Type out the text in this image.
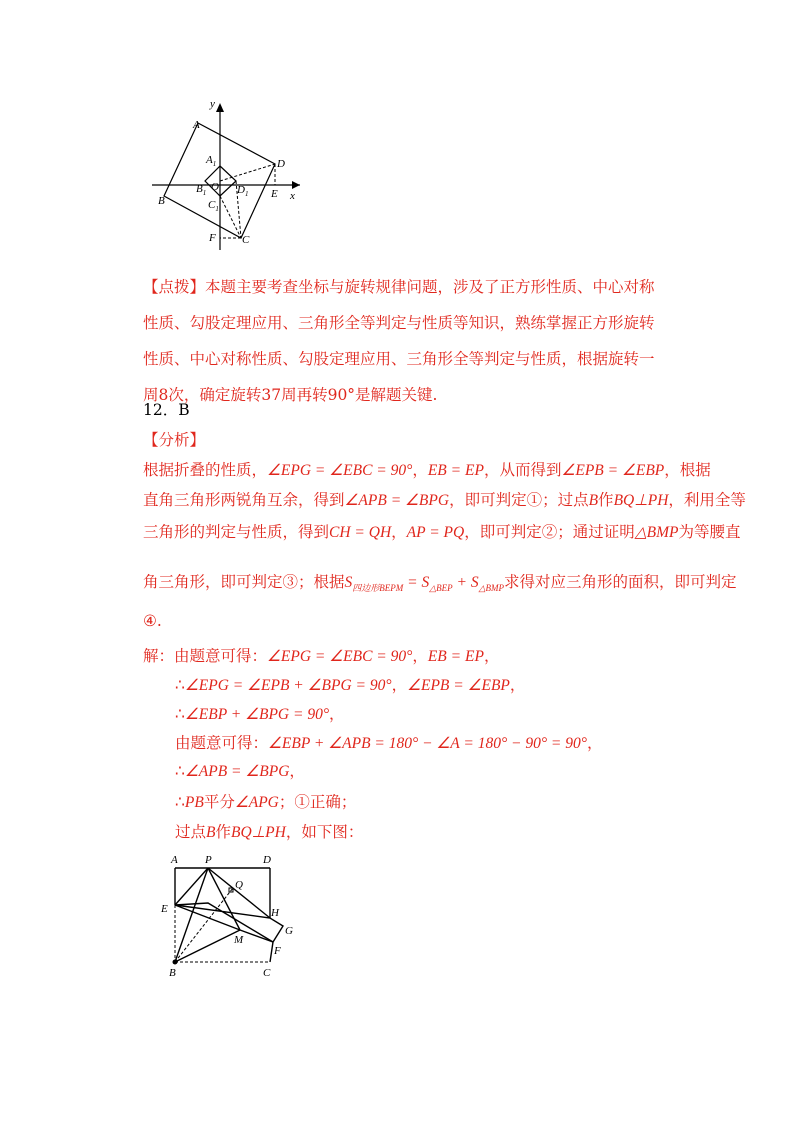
y
x
A
$A_1$	D
$B_1$ O $D_1$ E
B	$C_1$
F C
【点拨】本题主要考查坐标与旋转规律问题，涉及了正方形性质、中心对称性质、勾股定理应用、三角形全等判定与性质等知识，熟练掌握正方形旋转性质、中心对称性质、勾股定理应用、三角形全等判定与性质，根据旋转一周8次，确定旋转37周再转90°是解题关键.
12．B
【分析】
根据折叠的性质，∠EPG = ∠EBC = 90°，EB = EP，从而得到∠EPB = ∠EBP，根据
直角三角形两锐角互余，得到∠APB = ∠BPG，即可判定①；过点B作BQ⊥PH，利用全等
三角形的判定与性质，得到CH = QH，AP = PQ，即可判定②；通过证明△BMP为等腰直
角三角形，即可判定③；根据$S_{四边形BEPM} = S_{\triangle BEP} + S_{\triangle BMP}$求得对应三角形的面积，即可判定
④.
解：由题意可得：∠EPG = ∠EBC = 90°，EB = EP，
∴∠EPG = ∠EPB + ∠BPG = 90°，∠EPB = ∠EBP，
∴∠EBP + ∠BPG = 90°，
由题意可得：∠EBP + ∠APB = 180° − ∠A = 180° − 90° = 90°，
∴∠APB = ∠BPG，
∴PB平分∠APG；①正确；
过点B作BQ⊥PH，如下图：
A P	D
Q
E	H
G
M
F
B	C
